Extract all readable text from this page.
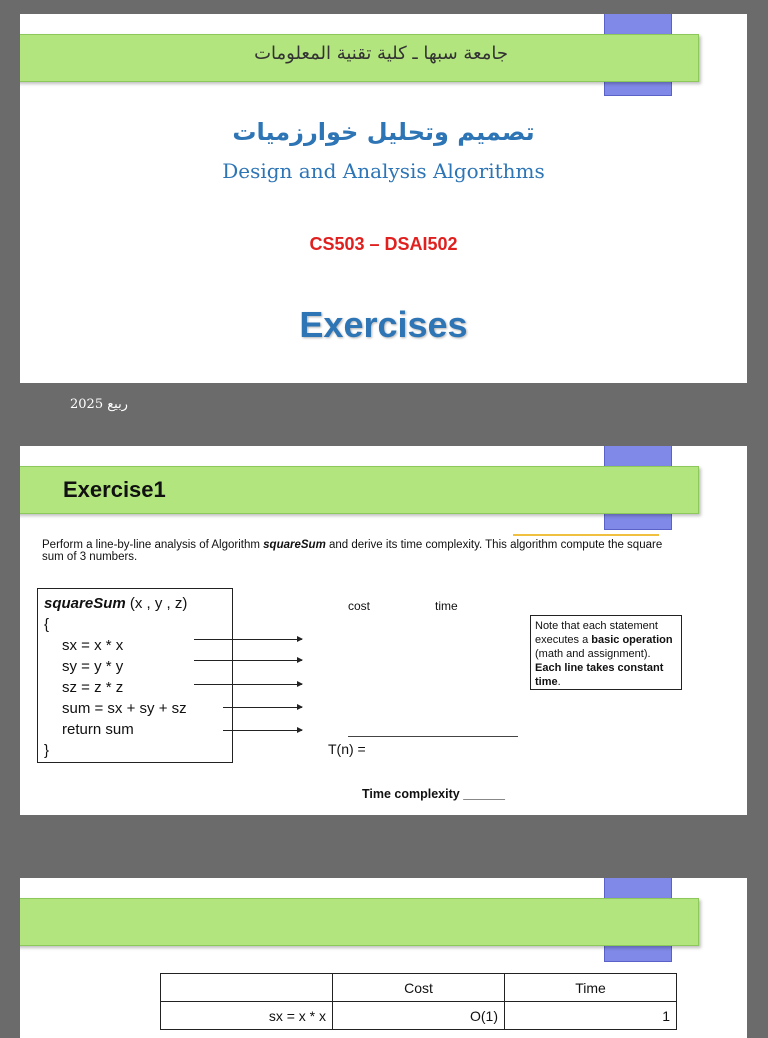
جامعة سبها ـ كلية تقنية المعلومات
تصميم وتحليل خوارزميات
Design and Analysis Algorithms
CS503 – DSAI502
Exercises
ربيع 2025
Exercise1
Perform a line-by-line analysis of Algorithm squareSum and derive its time complexity. This algorithm compute the square sum of 3 numbers.
squareSum (x , y , z)
{
sx = x * x
sy = y * y
sz = z * z
sum = sx + sy + sz
return sum
}
cost	time
Note that each statement executes a basic operation (math and assignment). Each line takes constant time.
T(n) =
Time complexity ______
	Cost	Time
sx = x * x	O(1)	1
